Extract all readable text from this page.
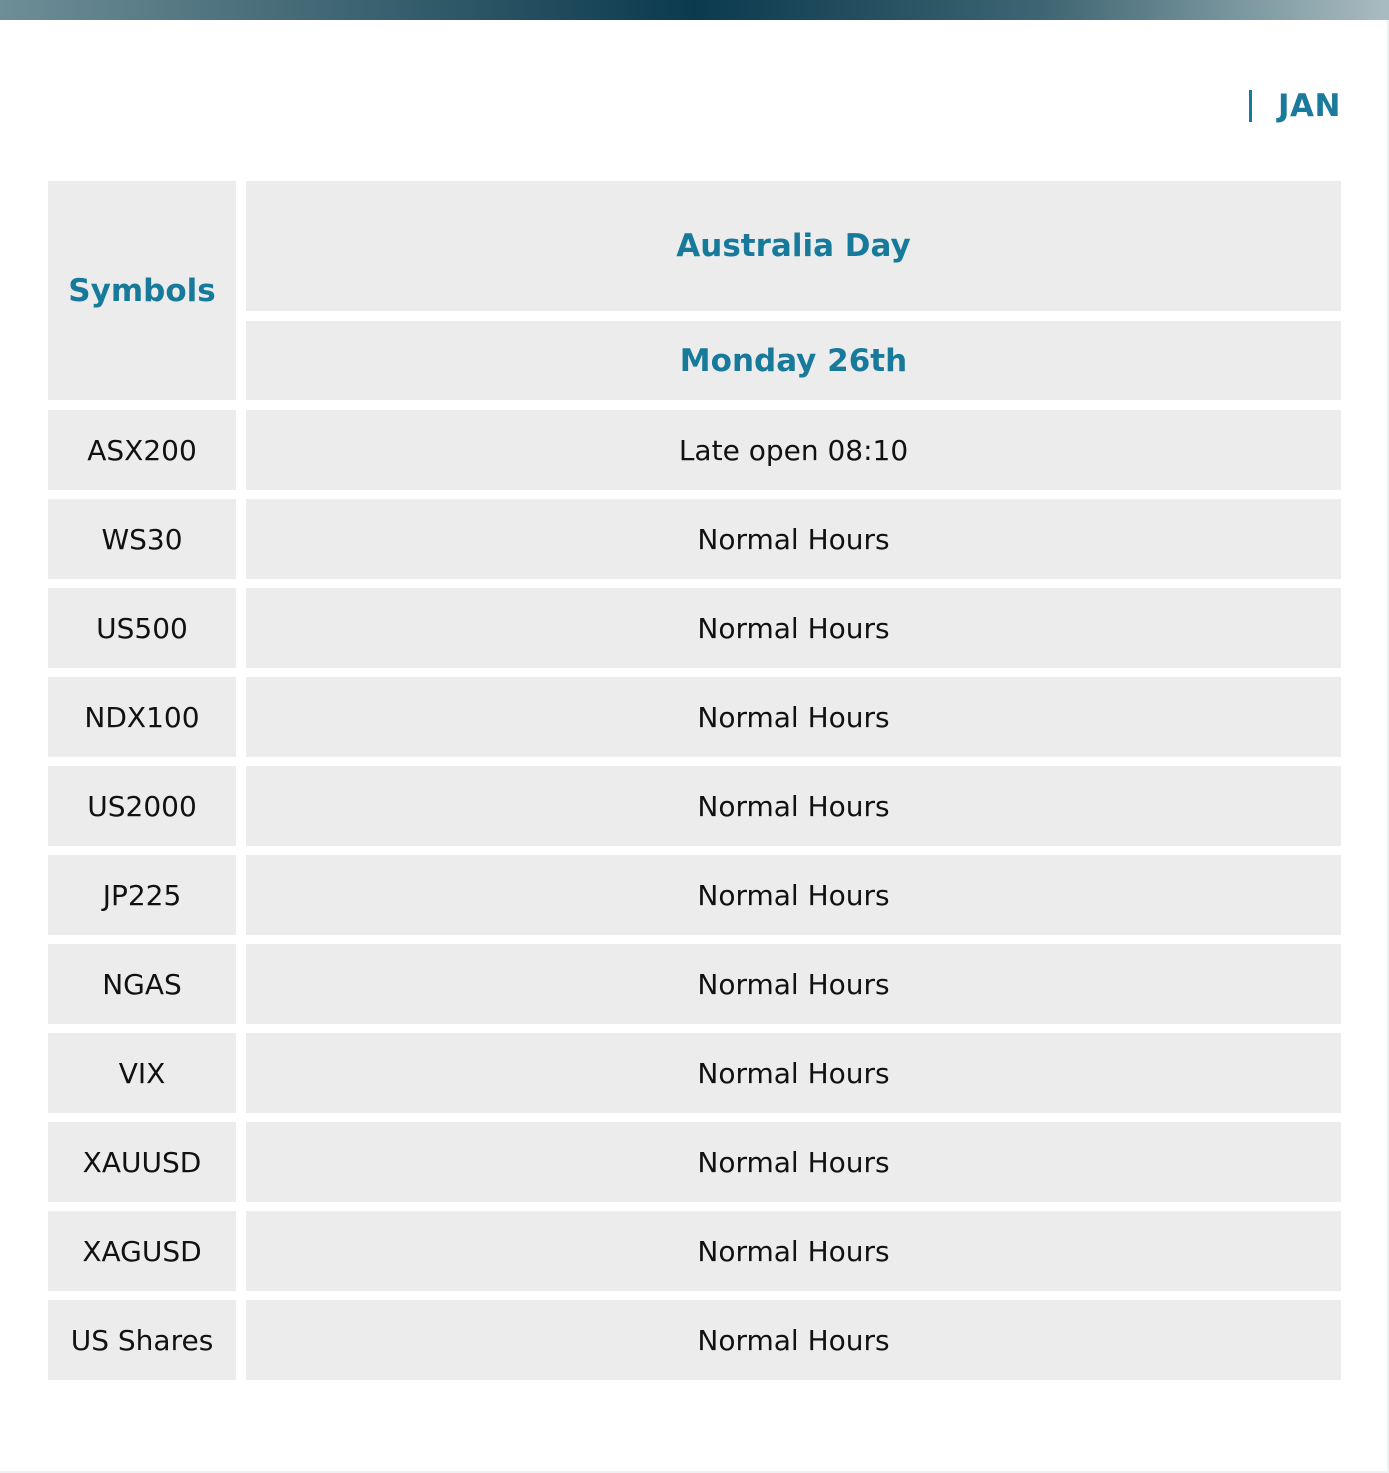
JAN
Symbols
Australia Day
Monday 26th
ASX200	Late open 08:10
WS30	Normal Hours
US500	Normal Hours
NDX100	Normal Hours
US2000	Normal Hours
JP225	Normal Hours
NGAS	Normal Hours
VIX	Normal Hours
XAUUSD	Normal Hours
XAGUSD	Normal Hours
US Shares	Normal Hours
